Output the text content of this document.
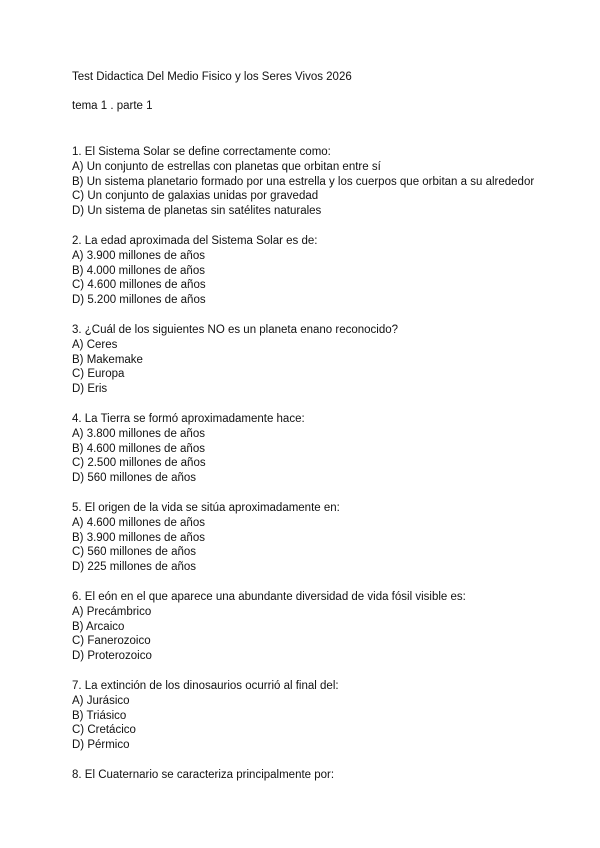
Test Didactica Del Medio Fisico y los Seres Vivos 2026
tema 1 . parte 1
1. El Sistema Solar se define correctamente como:
A) Un conjunto de estrellas con planetas que orbitan entre sí
B) Un sistema planetario formado por una estrella y los cuerpos que orbitan a su alrededor
C) Un conjunto de galaxias unidas por gravedad
D) Un sistema de planetas sin satélites naturales
2. La edad aproximada del Sistema Solar es de:
A) 3.900 millones de años
B) 4.000 millones de años
C) 4.600 millones de años
D) 5.200 millones de años
3. ¿Cuál de los siguientes NO es un planeta enano reconocido?
A) Ceres
B) Makemake
C) Europa
D) Eris
4. La Tierra se formó aproximadamente hace:
A) 3.800 millones de años
B) 4.600 millones de años
C) 2.500 millones de años
D) 560 millones de años
5. El origen de la vida se sitúa aproximadamente en:
A) 4.600 millones de años
B) 3.900 millones de años
C) 560 millones de años
D) 225 millones de años
6. El eón en el que aparece una abundante diversidad de vida fósil visible es:
A) Precámbrico
B) Arcaico
C) Fanerozoico
D) Proterozoico
7. La extinción de los dinosaurios ocurrió al final del:
A) Jurásico
B) Triásico
C) Cretácico
D) Pérmico
8. El Cuaternario se caracteriza principalmente por:
